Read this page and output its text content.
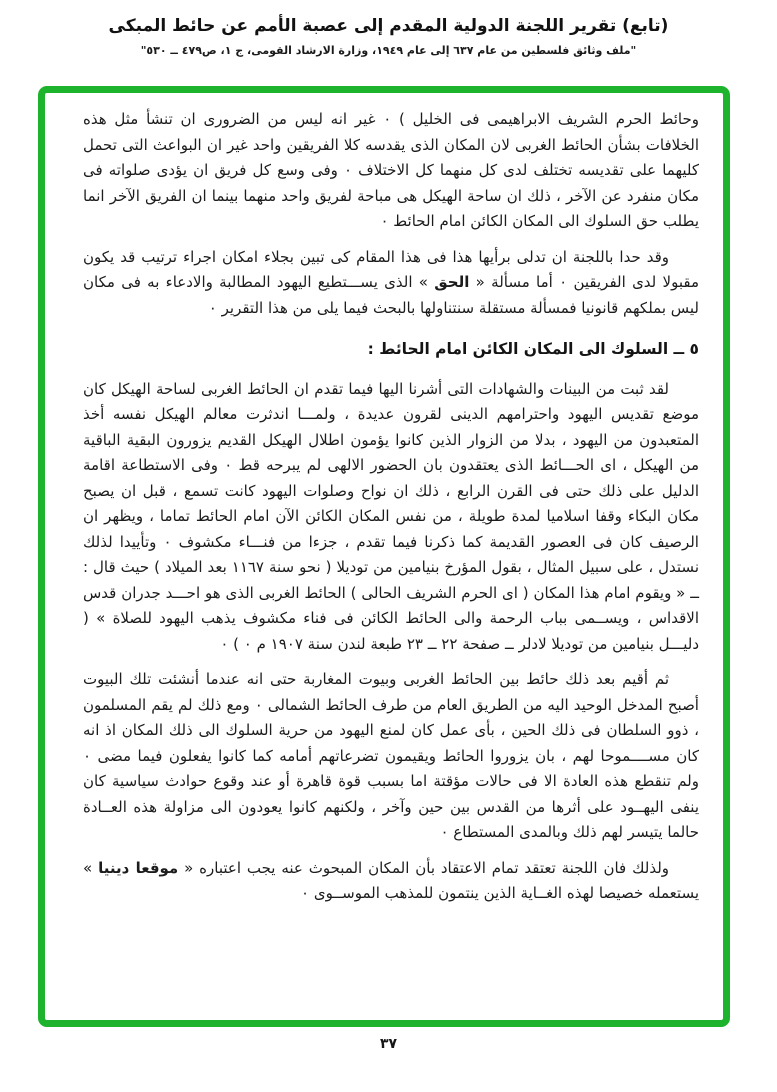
(تابع) تقرير اللجنة الدولية المقدم إلى عصبة الأمم عن حائط المبكى
"ملف وثائق فلسطين من عام ٦٣٧ إلى عام ١٩٤٩، وزارة الارشاد القومى، ج ١، ص٤٧٩ ــ ٥٣٠"

وحائط الحرم الشريف الابراهيمى فى الخليل ) ٠ غير انه ليس من الضرورى ان تنشأ مثل هذه الخلافات بشأن الحائط الغربى لان المكان الذى يقدسه كلا الفريقين واحد غير ان البواعث التى تحمل كليهما على تقديسه تختلف لدى كل منهما كل الاختلاف ٠ وفى وسع كل فريق ان يؤدى صلواته فى مكان منفرد عن الآخر ، ذلك ان ساحة الهيكل هى مباحة لفريق واحد منهما بينما ان الفريق الآخر انما يطلب حق السلوك الى المكان الكائن امام الحائط ٠

وقد حدا باللجنة ان تدلى برأيها هذا فى هذا المقام كى تبين بجلاء امكان اجراء ترتيب قد يكون مقبولا لدى الفريقين ٠ أما مسألة « الحق » الذى يســـتطيع اليهود المطالبة والادعاء به فى مكان ليس بملكهم قانونيا فمسألة مستقلة سنتناولها بالبحث فيما يلى من هذا التقرير ٠

٥ ــ السلوك الى المكان الكائن امام الحائط :

لقد ثبت من البينات والشهادات التى أشرنا اليها فيما تقدم ان الحائط الغربى لساحة الهيكل كان موضع تقديس اليهود واحترامهم الدينى لقرون عديدة ، ولمـــا اندثرت معالم الهيكل نفسه أخذ المتعبدون من اليهود ، بدلا من الزوار الذين كانوا يؤمون اطلال الهيكل القديم يزورون البقية الباقية من الهيكل ، اى الحـــائط الذى يعتقدون بان الحضور الالهى لم يبرحه قط ٠ وفى الاستطاعة اقامة الدليل على ذلك حتى فى القرن الرابع ، ذلك ان نواح وصلوات اليهود كانت تسمع ، قبل ان يصبح مكان البكاء وقفا اسلاميا لمدة طويلة ، من نفس المكان الكائن الآن امام الحائط تماما ، ويظهر ان الرصيف كان فى العصور القديمة كما ذكرنا فيما تقدم ، جزءا من فنـــاء مكشوف ٠ وتأييدا لذلك نستدل ، على سبيل المثال ، بقول المؤرخ بنيامين من توديلا ( نحو سنة ١١٦٧ بعد الميلاد ) حيث قال : ــ « ويقوم امام هذا المكان ( اى الحرم الشريف الحالى ) الحائط الغربى الذى هو احـــد جدران قدس الاقداس ، ويســمى بباب الرحمة والى الحائط الكائن فى فناء مكشوف يذهب اليهود للصلاة » ( دليـــل بنيامين من توديلا لادلر ــ صفحة ٢٢ ــ ٢٣ طبعة لندن سنة ١٩٠٧ م ٠ ) ٠

ثم أقيم بعد ذلك حائط بين الحائط الغربى وبيوت المغاربة حتى انه عندما أنشئت تلك البيوت أصبح المدخل الوحيد اليه من الطريق العام من طرف الحائط الشمالى ٠ ومع ذلك لم يقم المسلمون ، ذوو السلطان فى ذلك الحين ، بأى عمل كان لمنع اليهود من حرية السلوك الى ذلك المكان اذ انه كان مســــموحا لهم ، بان يزوروا الحائط ويقيمون تضرعاتهم أمامه كما كانوا يفعلون فيما مضى ٠ ولم تنقطع هذه العادة الا فى حالات مؤقتة اما بسبب قوة قاهرة أو عند وقوع حوادث سياسية كان ينفى اليهــود على أثرها من القدس بين حين وآخر ، ولكنهم كانوا يعودون الى مزاولة هذه العــادة حالما يتيسر لهم ذلك وبالمدى المستطاع ٠

ولذلك فان اللجنة تعتقد تمام الاعتقاد بأن المكان المبحوث عنه يجب اعتباره « موقعا دينيا » يستعمله خصيصا لهذه الغــاية الذين ينتمون للمذهب الموســوى ٠

٣٧
